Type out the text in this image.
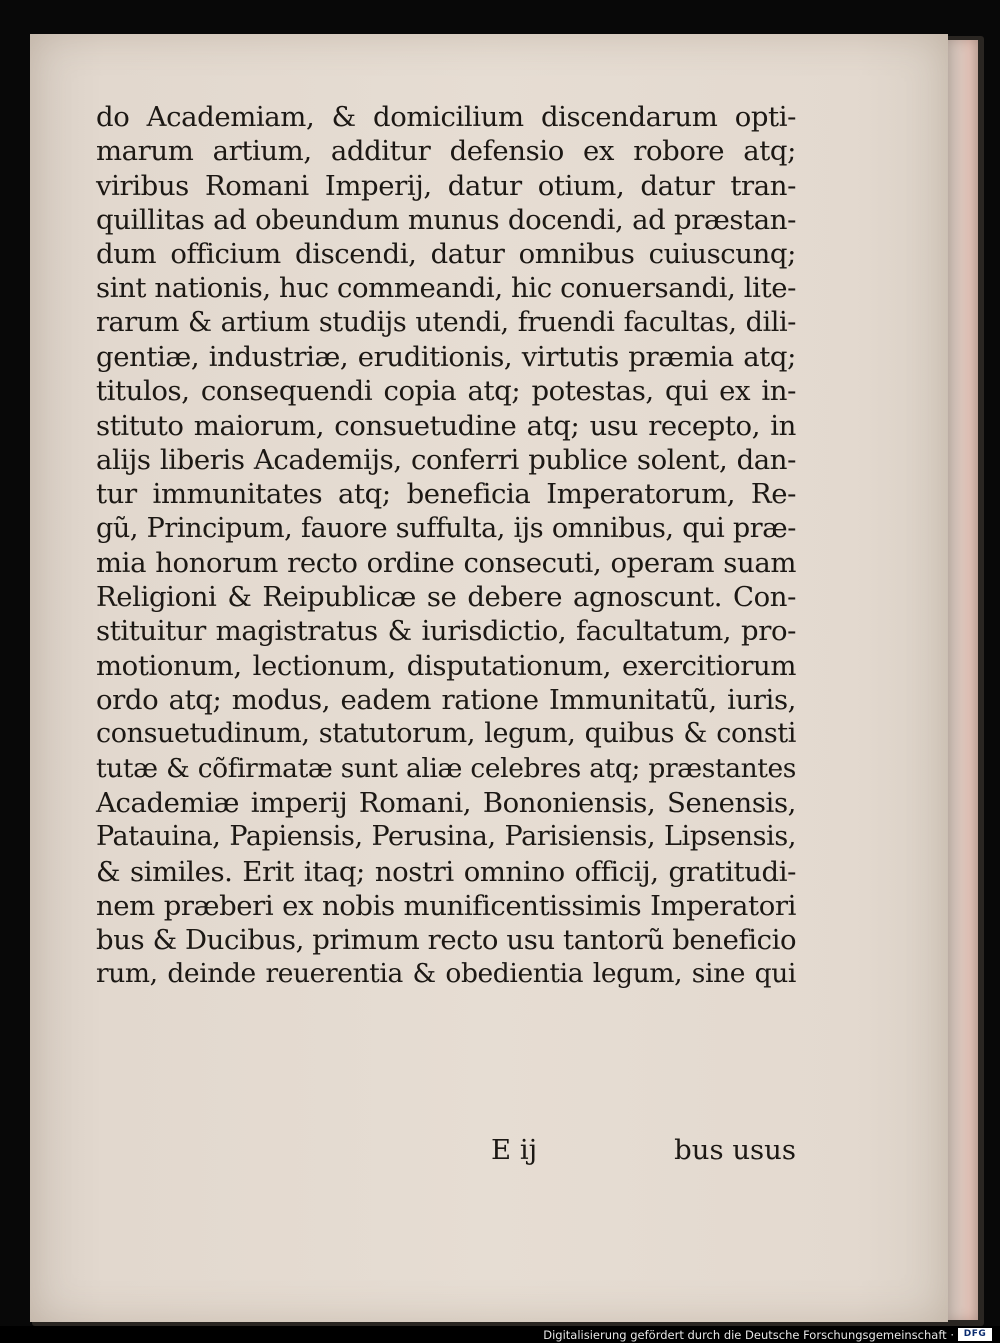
do Academiam, & domicilium discendarum opti-
marum artium, additur defensio ex robore atq;
viribus Romani Imperij, datur otium, datur tran-
quillitas ad obeundum munus docendi, ad præstan-
dum officium discendi, datur omnibus cuiuscunq;
sint nationis, huc commeandi, hic conuersandi, lite-
rarum & artium studijs utendi, fruendi facultas, dili-
gentiæ, industriæ, eruditionis, virtutis præmia atq;
titulos, consequendi copia atq; potestas, qui ex in-
stituto maiorum, consuetudine atq; usu recepto, in
alijs liberis Academijs, conferri publice solent, dan-
tur immunitates atq; beneficia Imperatorum, Re-
gũ, Principum, fauore suffulta, ijs omnibus, qui præ-
mia honorum recto ordine consecuti, operam suam
Religioni & Reipublicæ se debere agnoscunt. Con-
stituitur magistratus & iurisdictio, facultatum, pro-
motionum, lectionum, disputationum, exercitiorum
ordo atq; modus, eadem ratione Immunitatũ, iuris,
consuetudinum, statutorum, legum, quibus & consti
tutæ & cõfirmatæ sunt aliæ celebres atq; præstantes
Academiæ imperij Romani, Bononiensis, Senensis,
Patauina, Papiensis, Perusina, Parisiensis, Lipsensis,
& similes. Erit itaq; nostri omnino officij, gratitudi-
nem præberi ex nobis munificentissimis Imperatori
bus & Ducibus, primum recto usu tantorũ beneficio
rum, deinde reuerentia & obedientia legum, sine qui
E ij	bus usus
Digitalisierung gefördert durch die Deutsche Forschungsgemeinschaft ·	DFG
